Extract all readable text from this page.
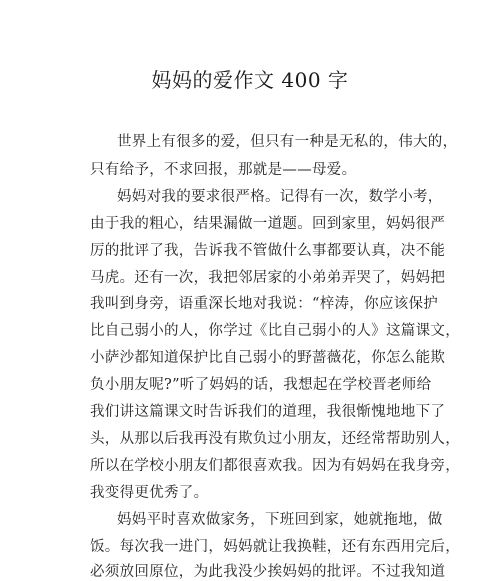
妈妈的爱作文 400 字
世界上有很多的爱，但只有一种是无私的，伟大的，
只有给予，不求回报，那就是——母爱。
妈妈对我的要求很严格。记得有一次，数学小考，
由于我的粗心，结果漏做一道题。回到家里，妈妈很严
厉的批评了我，告诉我不管做什么事都要认真，决不能
马虎。还有一次，我把邻居家的小弟弟弄哭了，妈妈把
我叫到身旁，语重深长地对我说：“梓涛，你应该保护
比自己弱小的人，你学过《比自己弱小的人》这篇课文，
小萨沙都知道保护比自己弱小的野蔷薇花，你怎么能欺
负小朋友呢?”听了妈妈的话，我想起在学校晋老师给
我们讲这篇课文时告诉我们的道理，我很惭愧地地下了
头，从那以后我再没有欺负过小朋友，还经常帮助别人，
所以在学校小朋友们都很喜欢我。因为有妈妈在我身旁，
我变得更优秀了。
妈妈平时喜欢做家务，下班回到家，她就拖地，做
饭。每次我一进门，妈妈就让我换鞋，还有东西用完后，
必须放回原位，为此我没少挨妈妈的批评。不过我知道
